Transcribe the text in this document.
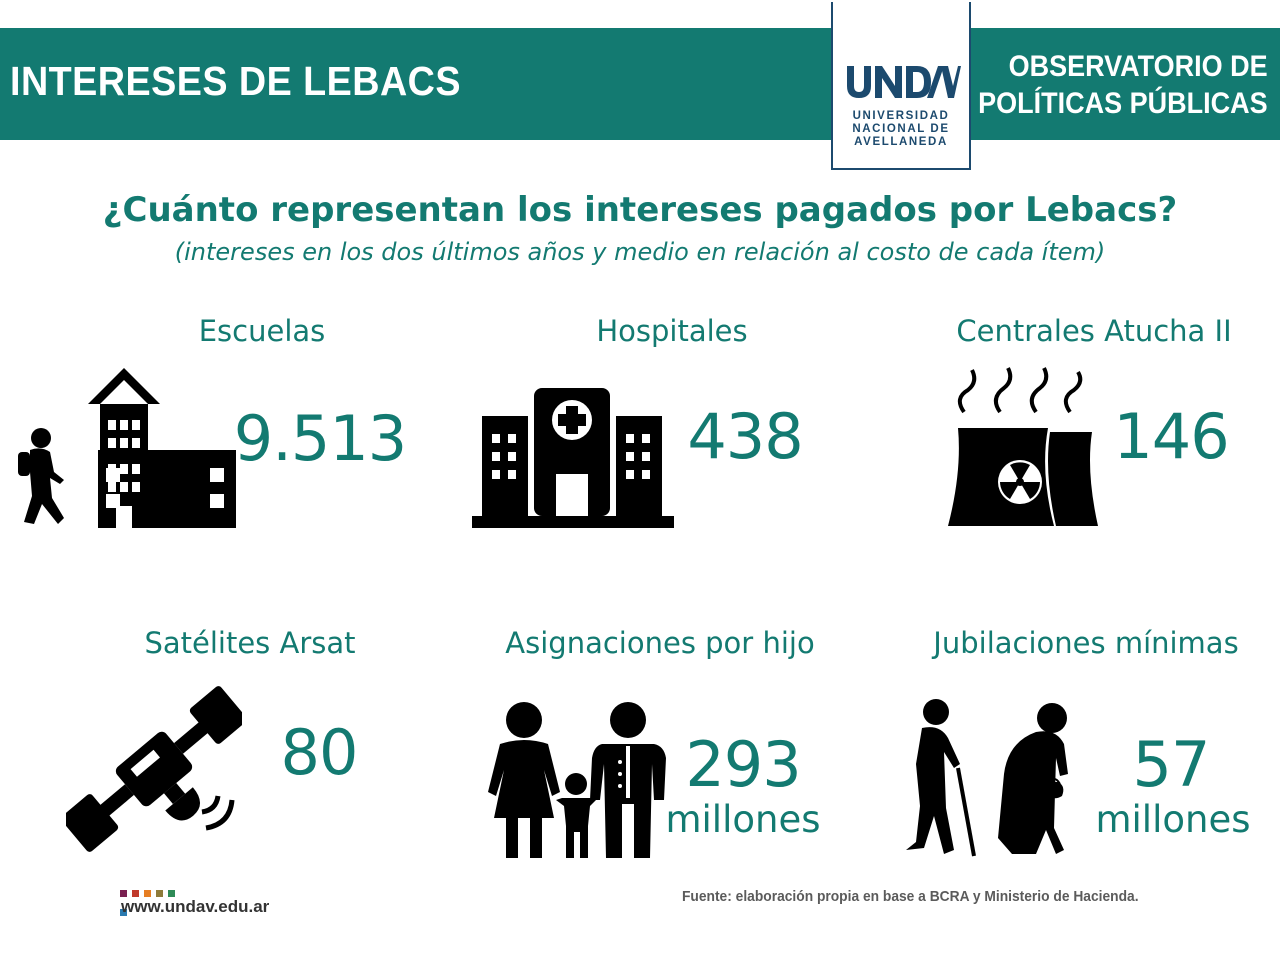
INTERESES DE LEBACS	OBSERVATORIO DE
POLÍTICAS PÚBLICAS
UNIVERSIDAD
NACIONAL DE
AVELLANEDA
¿Cuánto representan los intereses pagados por Lebacs?
(intereses en los dos últimos años y medio en relación al costo de cada ítem)
Escuelas
9.513
Hospitales
438
Centrales Atucha II
146
Satélites Arsat
80
Asignaciones por hijo
293
millones
Jubilaciones mínimas
57
millones
www.undav.edu.ar
Fuente: elaboración propia en base a BCRA y Ministerio de Hacienda.
